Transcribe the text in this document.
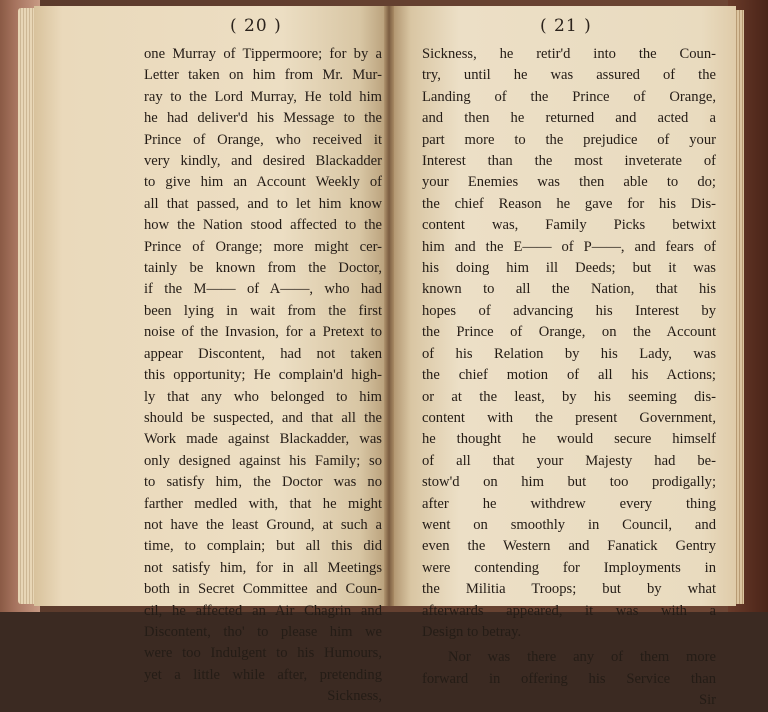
( 20 )
one Murray of Tippermoore; for by a
Letter taken on him from Mr. Mur-
ray to the Lord Murray, He told him
he had deliver'd his Message to the
Prince of Orange, who received it
very kindly, and desired Blackadder
to give him an Account Weekly of
all that passed, and to let him know
how the Nation stood affected to the
Prince of Orange; more might cer-
tainly be known from the Doctor,
if the M—— of A——, who had
been lying in wait from the first
noise of the Invasion, for a Pretext to
appear Discontent, had not taken
this opportunity; He complain'd high-
ly that any who belonged to him
should be suspected, and that all the
Work made against Blackadder, was
only designed against his Family; so
to satisfy him, the Doctor was no
farther medled with, that he might
not have the least Ground, at such a
time, to complain; but all this did
not satisfy him, for in all Meetings
both in Secret Committee and Coun-
cil, he affected an Air Chagrin and
Discontent, tho' to please him we
were too Indulgent to his Humours,
yet a little while after, pretending
Sickness,
( 21 )
Sickness, he retir'd into the Coun-
try, until he was assured of the
Landing of the Prince of Orange,
and then he returned and acted a
part more to the prejudice of your
Interest than the most inveterate of
your Enemies was then able to do;
the chief Reason he gave for his Dis-
content was, Family Picks betwixt
him and the E—— of P——, and fears of
his doing him ill Deeds; but it was
known to all the Nation, that his
hopes of advancing his Interest by
the Prince of Orange, on the Account
of his Relation by his Lady, was
the chief motion of all his Actions;
or at the least, by his seeming dis-
content with the present Government,
he thought he would secure himself
of all that your Majesty had be-
stow'd on him but too prodigally;
after he withdrew every thing
went on smoothly in Council, and
even the Western and Fanatick Gentry
were contending for Imployments in
the Militia Troops; but by what
afterwards appeared, it was with a
Design to betray.
Nor was there any of them more
forward in offering his Service than
Sir
